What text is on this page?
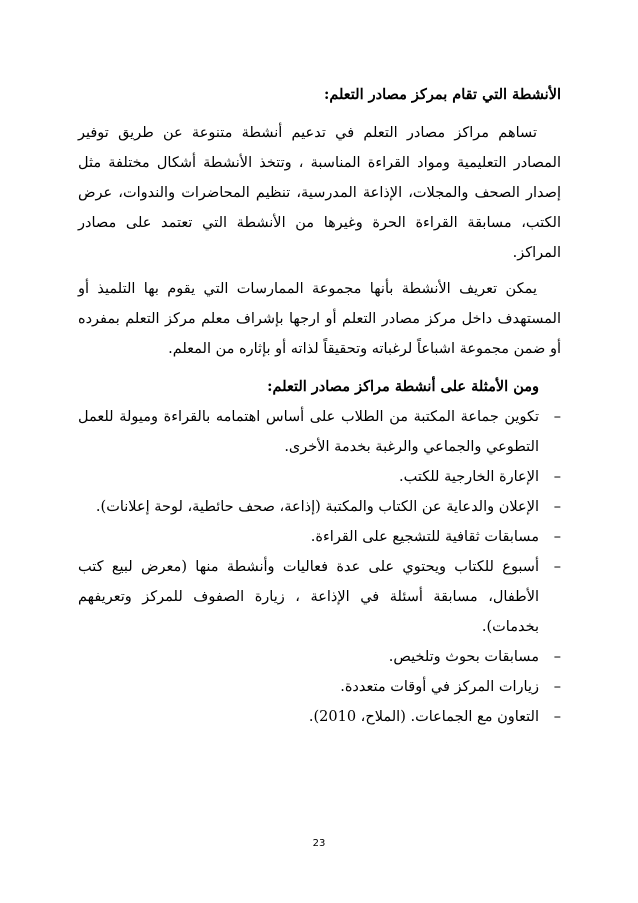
الأنشطة التي تقام بمركز مصادر التعلم:

تساهم مراكز مصادر التعلم في تدعيم أنشطة متنوعة عن طريق توفير المصادر التعليمية ومواد القراءة المناسبة ، وتتخذ الأنشطة أشكال مختلفة مثل إصدار الصحف والمجلات، الإذاعة المدرسية، تنظيم المحاضرات والندوات، عرض الكتب، مسابقة القراءة الحرة وغيرها من الأنشطة التي تعتمد على مصادر المراكز.

يمكن تعريف الأنشطة بأنها مجموعة الممارسات التي يقوم بها التلميذ أو المستهدف داخل مركز مصادر التعلم أو ارجها بإشراف معلم مركز التعلم بمفرده أو ضمن مجموعة اشباعاً لرغباته وتحقيقاً لذاته أو بإثاره من المعلم.

ومن الأمثلة على أنشطة مراكز مصادر التعلم:

–
تكوين جماعة المكتبة من الطلاب على أساس اهتمامه بالقراءة وميولة للعمل التطوعي والجماعي والرغبة بخدمة الأخرى.
–
الإعارة الخارجية للكتب.
–
الإعلان والدعاية عن الكتاب والمكتبة (إذاعة، صحف حائطية، لوحة إعلانات).
–
مسابقات ثقافية للتشجيع على القراءة.
–
أسبوع للكتاب ويحتوي على عدة فعاليات وأنشطة منها (معرض لبيع كتب الأطفال، مسابقة أسئلة في الإذاعة ، زيارة الصفوف للمركز وتعريفهم بخدمات).
–
مسابقات بحوث وتلخيص.
–
زيارات المركز في أوقات متعددة.
–
التعاون مع الجماعات. (الملاح، 2010).
23
